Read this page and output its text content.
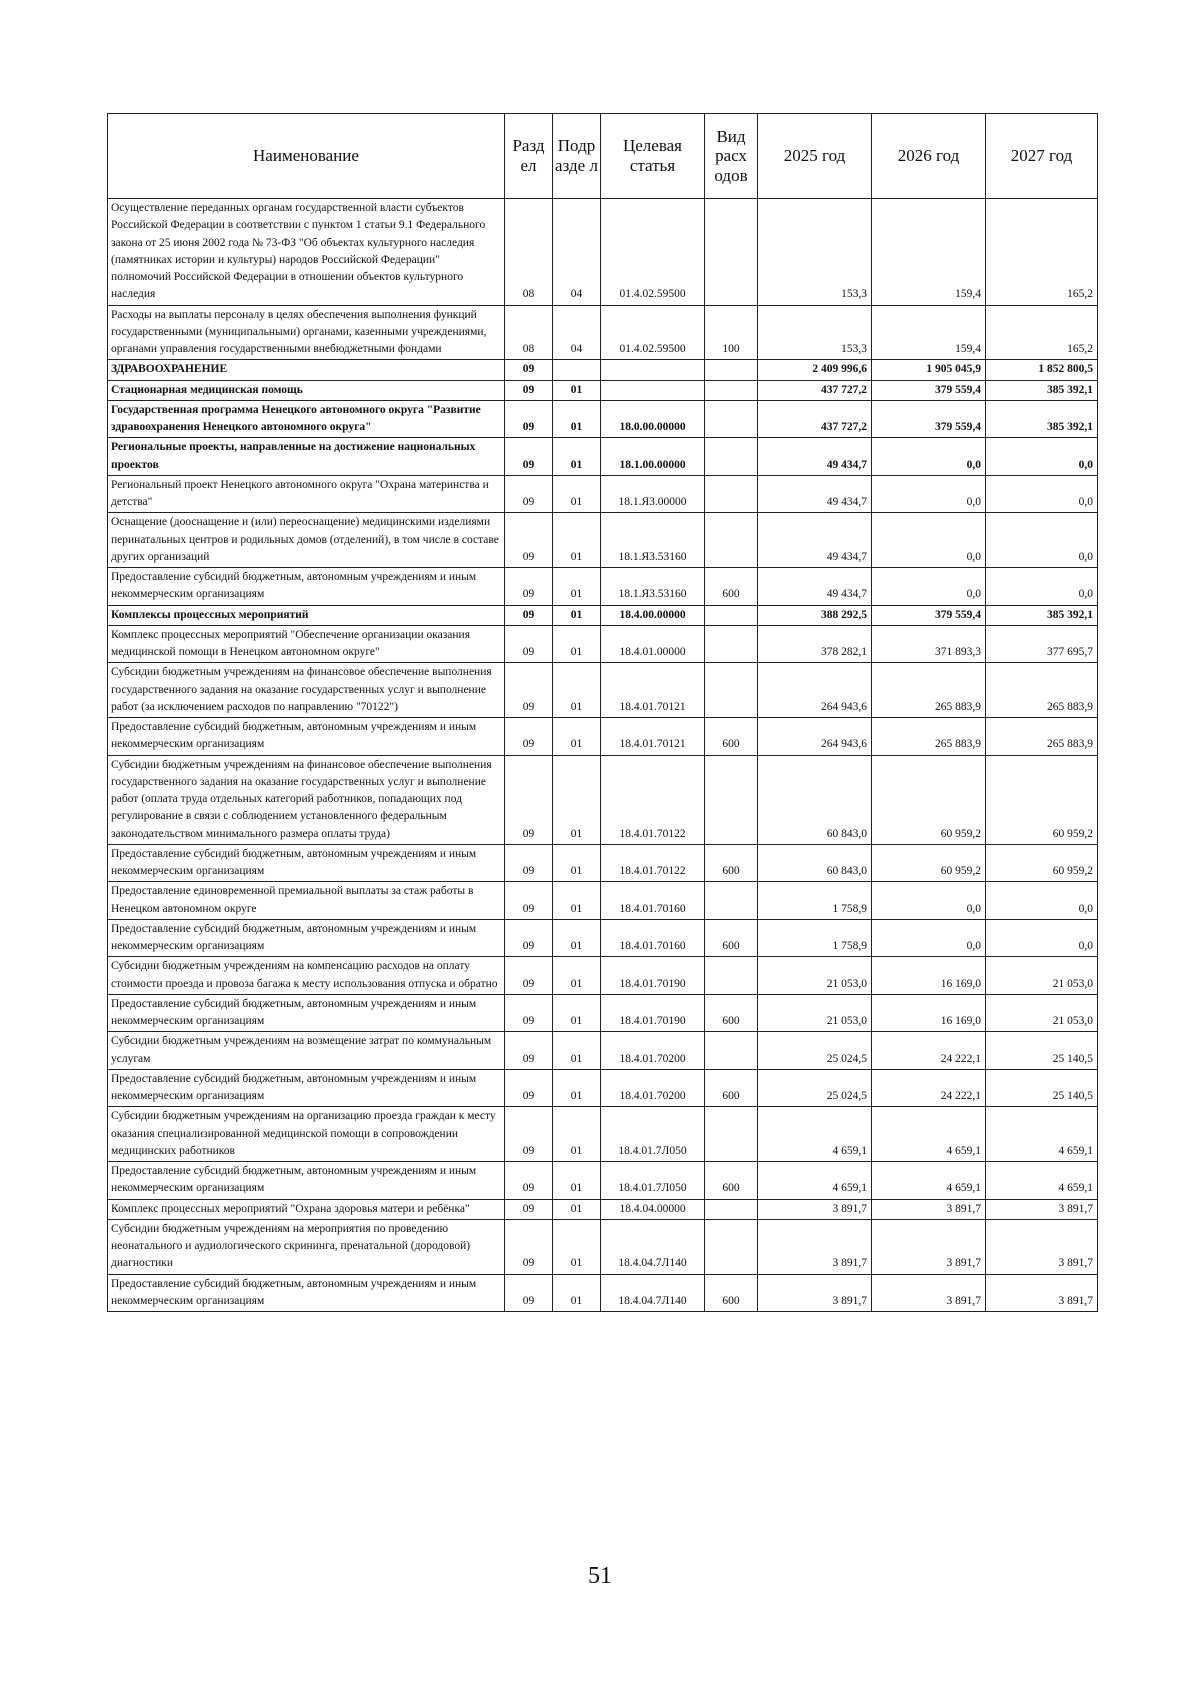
Наименование	Разд ел	Подр азде л	Целевая статья	Вид расх одов	2025 год	2026 год	2027 год
Осуществление переданных органам государственной власти субъектов Российской Федерации в соответствии с пунктом 1 статьи 9.1 Федерального закона от 25 июня 2002 года № 73-ФЗ "Об объектах культурного наследия (памятниках истории и культуры) народов Российской Федерации" полномочий Российской Федерации в отношении объектов культурного наследия	08	04	01.4.02.59500		153,3	159,4	165,2
Расходы на выплаты персоналу в целях обеспечения выполнения функций государственными (муниципальными) органами, казенными учреждениями, органами управления государственными внебюджетными фондами	08	04	01.4.02.59500	100	153,3	159,4	165,2
ЗДРАВООХРАНЕНИЕ	09				2 409 996,6	1 905 045,9	1 852 800,5
Стационарная медицинская помощь	09	01			437 727,2	379 559,4	385 392,1
Государственная программа Ненецкого автономного округа "Развитие здравоохранения Ненецкого автономного округа"	09	01	18.0.00.00000		437 727,2	379 559,4	385 392,1
Региональные проекты, направленные на достижение национальных проектов	09	01	18.1.00.00000		49 434,7	0,0	0,0
Региональный проект Ненецкого автономного округа "Охрана материнства и детства"	09	01	18.1.Я3.00000		49 434,7	0,0	0,0
Оснащение (дооснащение и (или) переоснащение) медицинскими изделиями перинатальных центров и родильных домов (отделений), в том числе в составе других организаций	09	01	18.1.Я3.53160		49 434,7	0,0	0,0
Предоставление субсидий бюджетным, автономным учреждениям и иным некоммерческим организациям	09	01	18.1.Я3.53160	600	49 434,7	0,0	0,0
Комплексы процессных мероприятий	09	01	18.4.00.00000		388 292,5	379 559,4	385 392,1
Комплекс процессных мероприятий "Обеспечение организации оказания медицинской помощи в Ненецком автономном округе"	09	01	18.4.01.00000		378 282,1	371 893,3	377 695,7
Субсидии бюджетным учреждениям на финансовое обеспечение выполнения государственного задания на оказание государственных услуг и выполнение работ (за исключением расходов по направлению "70122")	09	01	18.4.01.70121		264 943,6	265 883,9	265 883,9
Предоставление субсидий бюджетным, автономным учреждениям и иным некоммерческим организациям	09	01	18.4.01.70121	600	264 943,6	265 883,9	265 883,9
Субсидии бюджетным учреждениям на финансовое обеспечение выполнения государственного задания на оказание государственных услуг и выполнение работ (оплата труда отдельных категорий работников, попадающих под регулирование в связи с соблюдением установленного федеральным законодательством минимального размера оплаты труда)	09	01	18.4.01.70122		60 843,0	60 959,2	60 959,2
Предоставление субсидий бюджетным, автономным учреждениям и иным некоммерческим организациям	09	01	18.4.01.70122	600	60 843,0	60 959,2	60 959,2
Предоставление единовременной премиальной выплаты за стаж работы в Ненецком автономном округе	09	01	18.4.01.70160		1 758,9	0,0	0,0
Предоставление субсидий бюджетным, автономным учреждениям и иным некоммерческим организациям	09	01	18.4.01.70160	600	1 758,9	0,0	0,0
Субсидии бюджетным учреждениям на компенсацию расходов на оплату стоимости проезда и провоза багажа к месту использования отпуска и обратно	09	01	18.4.01.70190		21 053,0	16 169,0	21 053,0
Предоставление субсидий бюджетным, автономным учреждениям и иным некоммерческим организациям	09	01	18.4.01.70190	600	21 053,0	16 169,0	21 053,0
Субсидии бюджетным учреждениям на возмещение затрат по коммунальным услугам	09	01	18.4.01.70200		25 024,5	24 222,1	25 140,5
Предоставление субсидий бюджетным, автономным учреждениям и иным некоммерческим организациям	09	01	18.4.01.70200	600	25 024,5	24 222,1	25 140,5
Субсидии бюджетным учреждениям на организацию проезда граждан к месту оказания специализированной медицинской помощи в сопровождении медицинских работников	09	01	18.4.01.7Л050		4 659,1	4 659,1	4 659,1
Предоставление субсидий бюджетным, автономным учреждениям и иным некоммерческим организациям	09	01	18.4.01.7Л050	600	4 659,1	4 659,1	4 659,1
Комплекс процессных мероприятий "Охрана здоровья матери и ребёнка"	09	01	18.4.04.00000		3 891,7	3 891,7	3 891,7
Субсидии бюджетным учреждениям на мероприятия по проведению неонатального и аудиологического скрининга, пренатальной (дородовой) диагностики	09	01	18.4.04.7Л140		3 891,7	3 891,7	3 891,7
Предоставление субсидий бюджетным, автономным учреждениям и иным некоммерческим организациям	09	01	18.4.04.7Л140	600	3 891,7	3 891,7	3 891,7
51
